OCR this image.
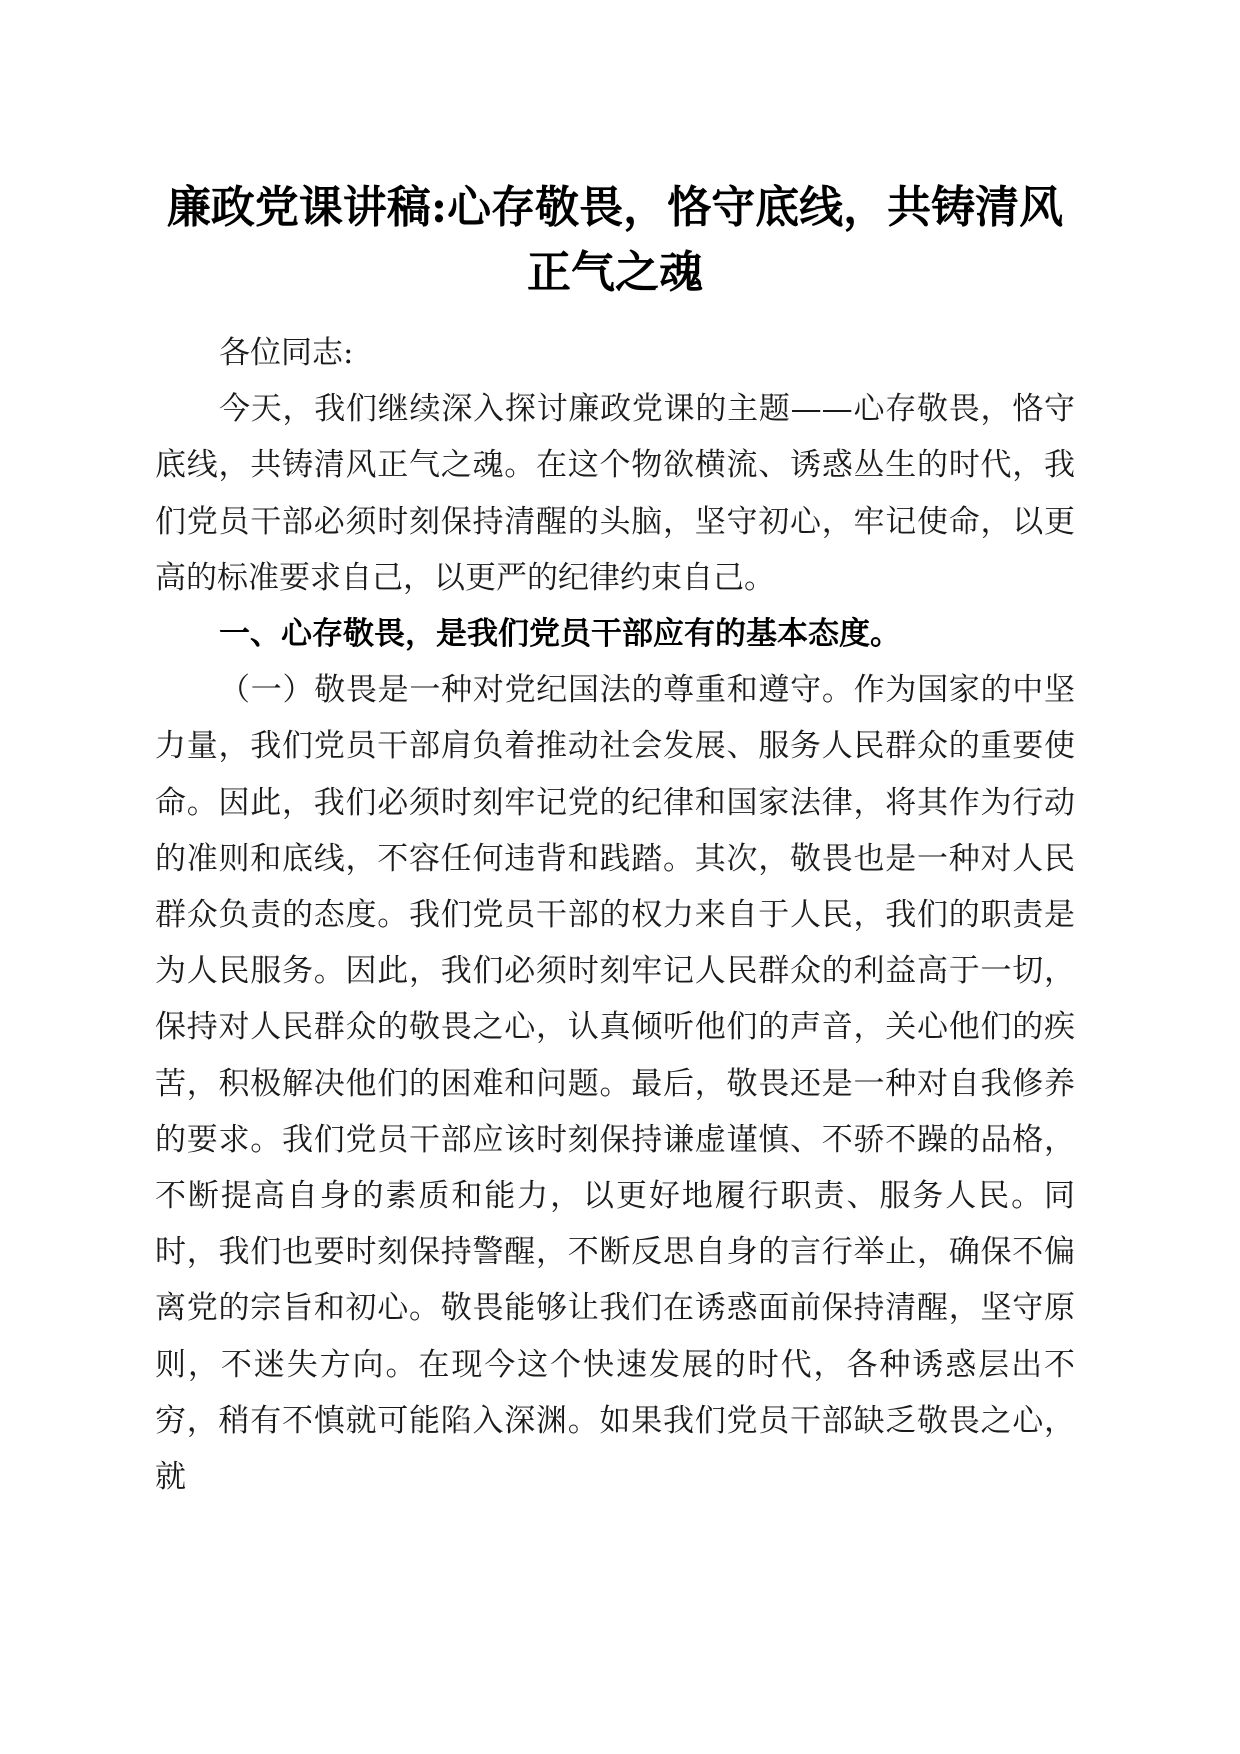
廉政党课讲稿:心存敬畏，恪守底线，共铸清风正气之魂

各位同志:

今天，我们继续深入探讨廉政党课的主题——心存敬畏，恪守底线，共铸清风正气之魂。在这个物欲横流、诱惑丛生的时代，我们党员干部必须时刻保持清醒的头脑，坚守初心，牢记使命，以更高的标准要求自己，以更严的纪律约束自己。

一、心存敬畏，是我们党员干部应有的基本态度。

（一）敬畏是一种对党纪国法的尊重和遵守。作为国家的中坚力量，我们党员干部肩负着推动社会发展、服务人民群众的重要使命。因此，我们必须时刻牢记党的纪律和国家法律，将其作为行动的准则和底线，不容任何违背和践踏。其次，敬畏也是一种对人民群众负责的态度。我们党员干部的权力来自于人民，我们的职责是为人民服务。因此，我们必须时刻牢记人民群众的利益高于一切，保持对人民群众的敬畏之心，认真倾听他们的声音，关心他们的疾苦，积极解决他们的困难和问题。最后，敬畏还是一种对自我修养的要求。我们党员干部应该时刻保持谦虚谨慎、不骄不躁的品格，不断提高自身的素质和能力，以更好地履行职责、服务人民。同时，我们也要时刻保持警醒，不断反思自身的言行举止，确保不偏离党的宗旨和初心。敬畏能够让我们在诱惑面前保持清醒，坚守原则，不迷失方向。在现今这个快速发展的时代，各种诱惑层出不穷，稍有不慎就可能陷入深渊。如果我们党员干部缺乏敬畏之心，就
